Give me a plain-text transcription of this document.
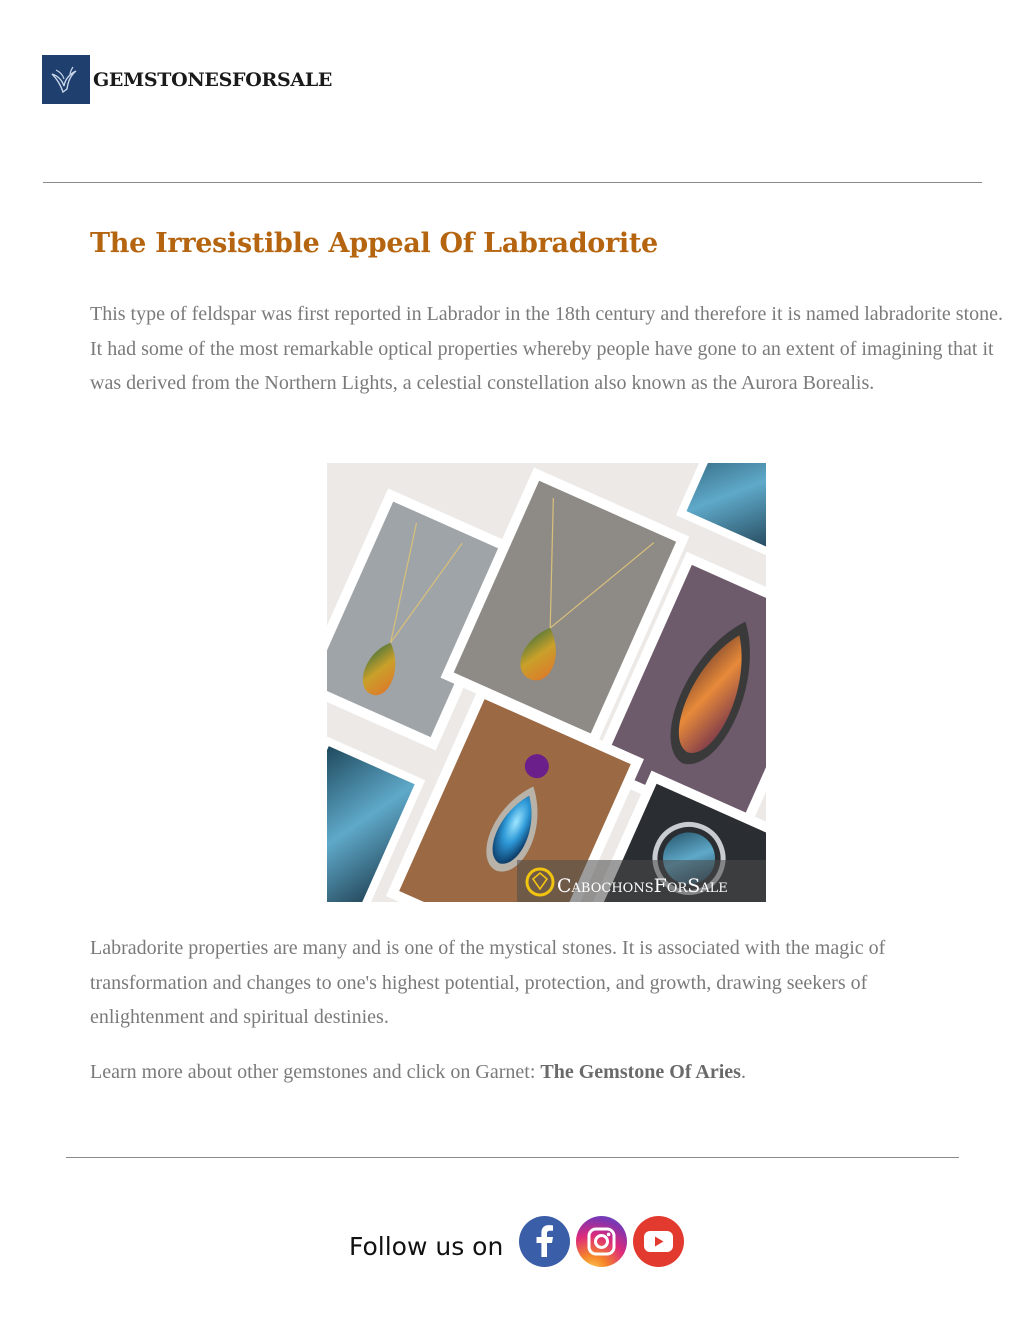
GEMSTONESFORSALE
The Irresistible Appeal Of Labradorite

This type of feldspar was first reported in Labrador in the 18th century and therefore it is named labradorite stone. It had some of the most remarkable optical properties whereby people have gone to an extent of imagining that it was derived from the Northern Lights, a celestial constellation also known as the Aurora Borealis.

CabochonsForSale

Labradorite properties are many and is one of the mystical stones. It is associated with the magic of transformation and changes to one's highest potential, protection, and growth, drawing seekers of enlightenment and spiritual destinies.

Learn more about other gemstones and click on Garnet: The Gemstone Of Aries.

Follow us on
